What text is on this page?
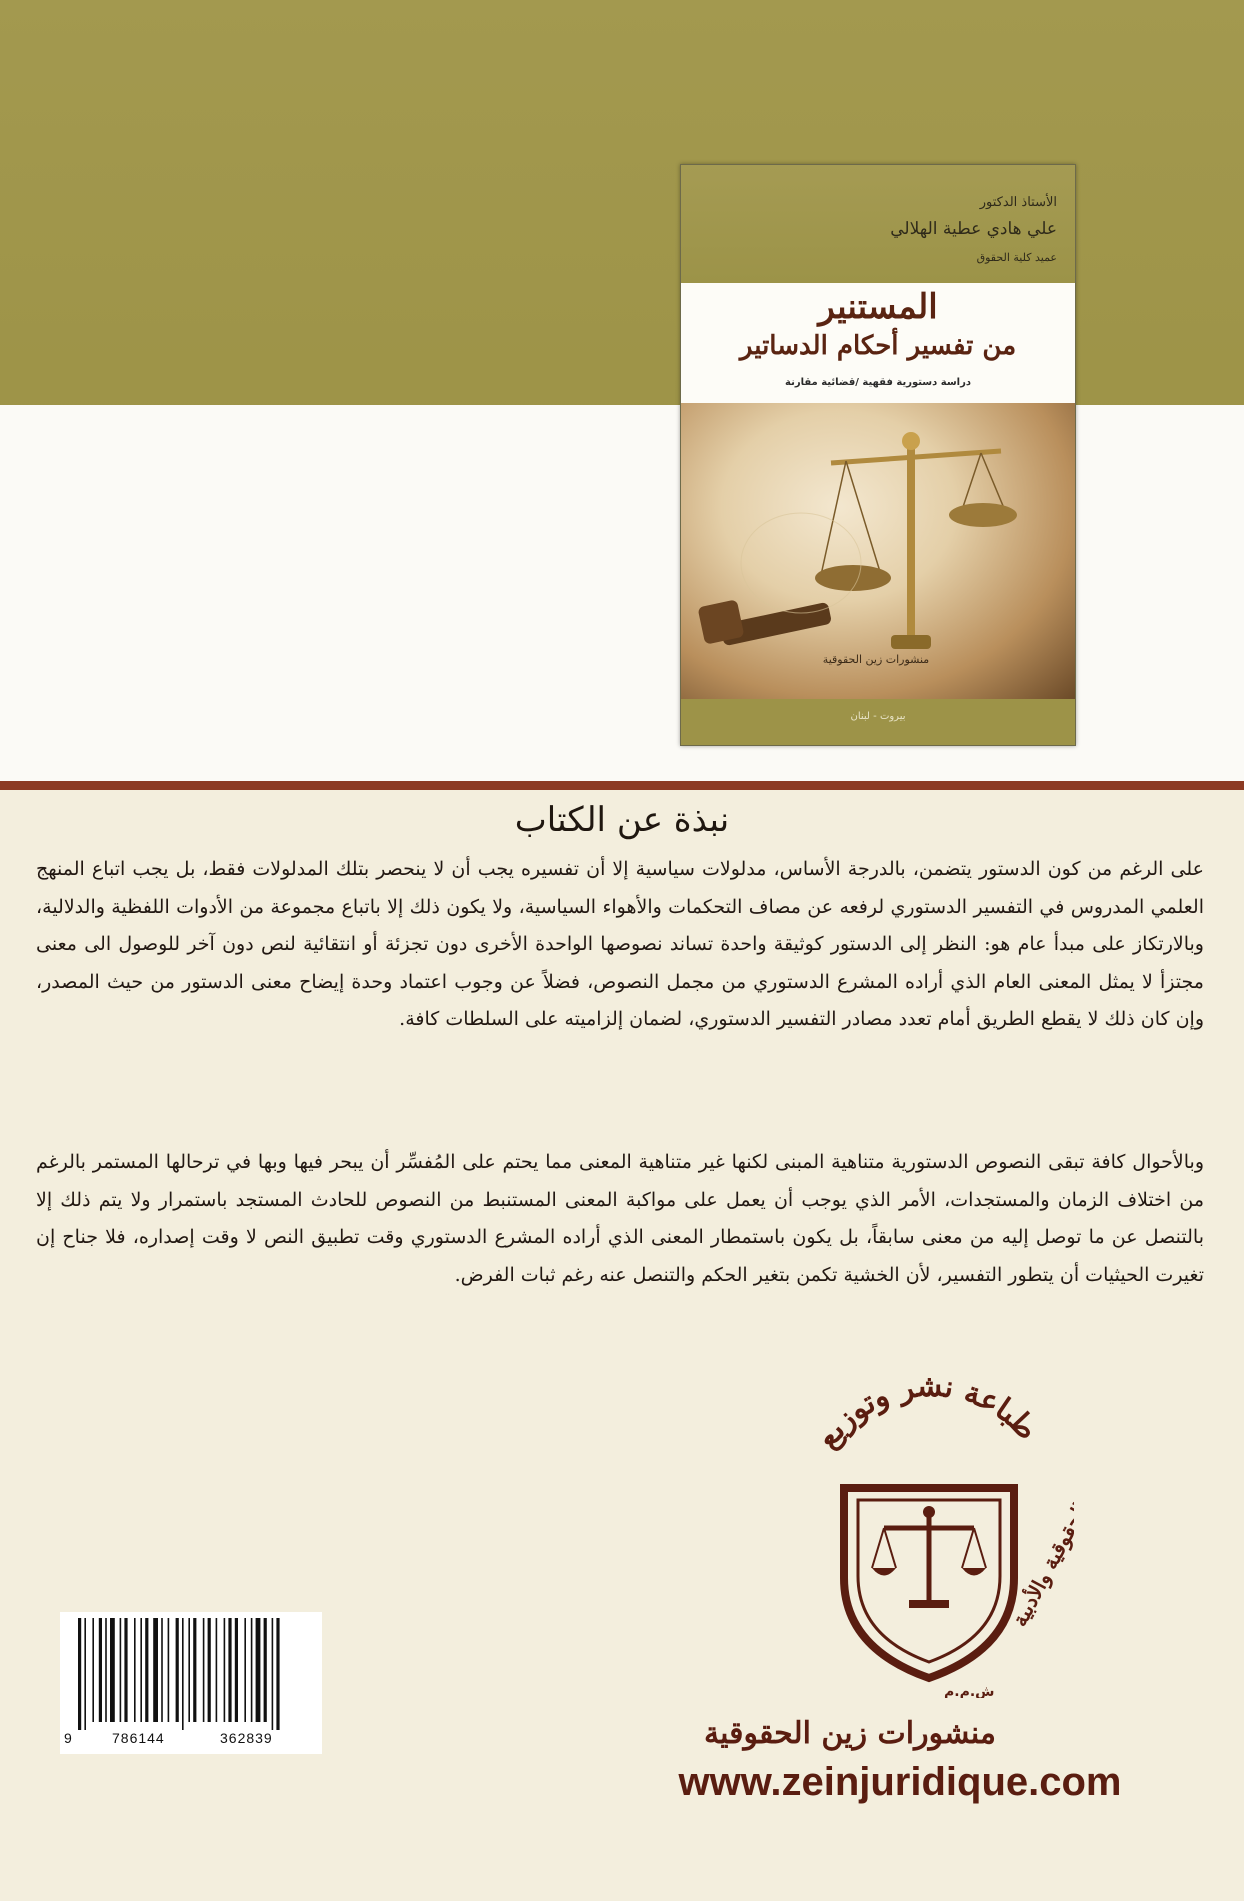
الأستاذ الدكتور
علي هادي عطية الهلالي
عميد كلية الحقوق
المستنير
من تفسير أحكام الدساتير
دراسة دستورية فقهية /قضائية مقارنة
منشورات زين الحقوقية
بيروت - لبنان
نبذة عن الكتاب
على الرغم من كون الدستور يتضمن، بالدرجة الأساس، مدلولات سياسية إلا أن تفسيره يجب أن لا ينحصر بتلك المدلولات فقط، بل يجب اتباع المنهج العلمي المدروس في التفسير الدستوري لرفعه عن مصاف التحكمات والأهواء السياسية، ولا يكون ذلك إلا باتباع مجموعة من الأدوات اللفظية والدلالية، وبالارتكاز على مبدأ عام هو: النظر إلى الدستور كوثيقة واحدة تساند نصوصها الواحدة الأخرى دون تجزئة أو انتقائية لنص دون آخر للوصول الى معنى مجتزأ لا يمثل المعنى العام الذي أراده المشرع الدستوري من مجمل النصوص، فضلاً عن وجوب اعتماد وحدة إيضاح معنى الدستور من حيث المصدر، وإن كان ذلك لا يقطع الطريق أمام تعدد مصادر التفسير الدستوري، لضمان إلزاميته على السلطات كافة.
وبالأحوال كافة تبقى النصوص الدستورية متناهية المبنى لكنها غير متناهية المعنى مما يحتم على المُفسِّر أن يبحر فيها وبها في ترحالها المستمر بالرغم من اختلاف الزمان والمستجدات، الأمر الذي يوجب أن يعمل على مواكبة المعنى المستنبط من النصوص للحادث المستجد باستمرار ولا يتم ذلك إلا بالتنصل عن ما توصل إليه من معنى سابقاً، بل يكون باستمطار المعنى الذي أراده المشرع الدستوري وقت تطبيق النص لا وقت إصداره، فلا جناح إن تغيرت الحيثيات أن يتطور التفسير، لأن الخشية تكمن بتغير الحكم والتنصل عنه رغم ثبات الفرض.
طباعة نشر وتوزيع
الحقوقية والأدبية
ش.م.م
9	786144	362839	منشورات زين الحقوقية
www.zeinjuridique.com
